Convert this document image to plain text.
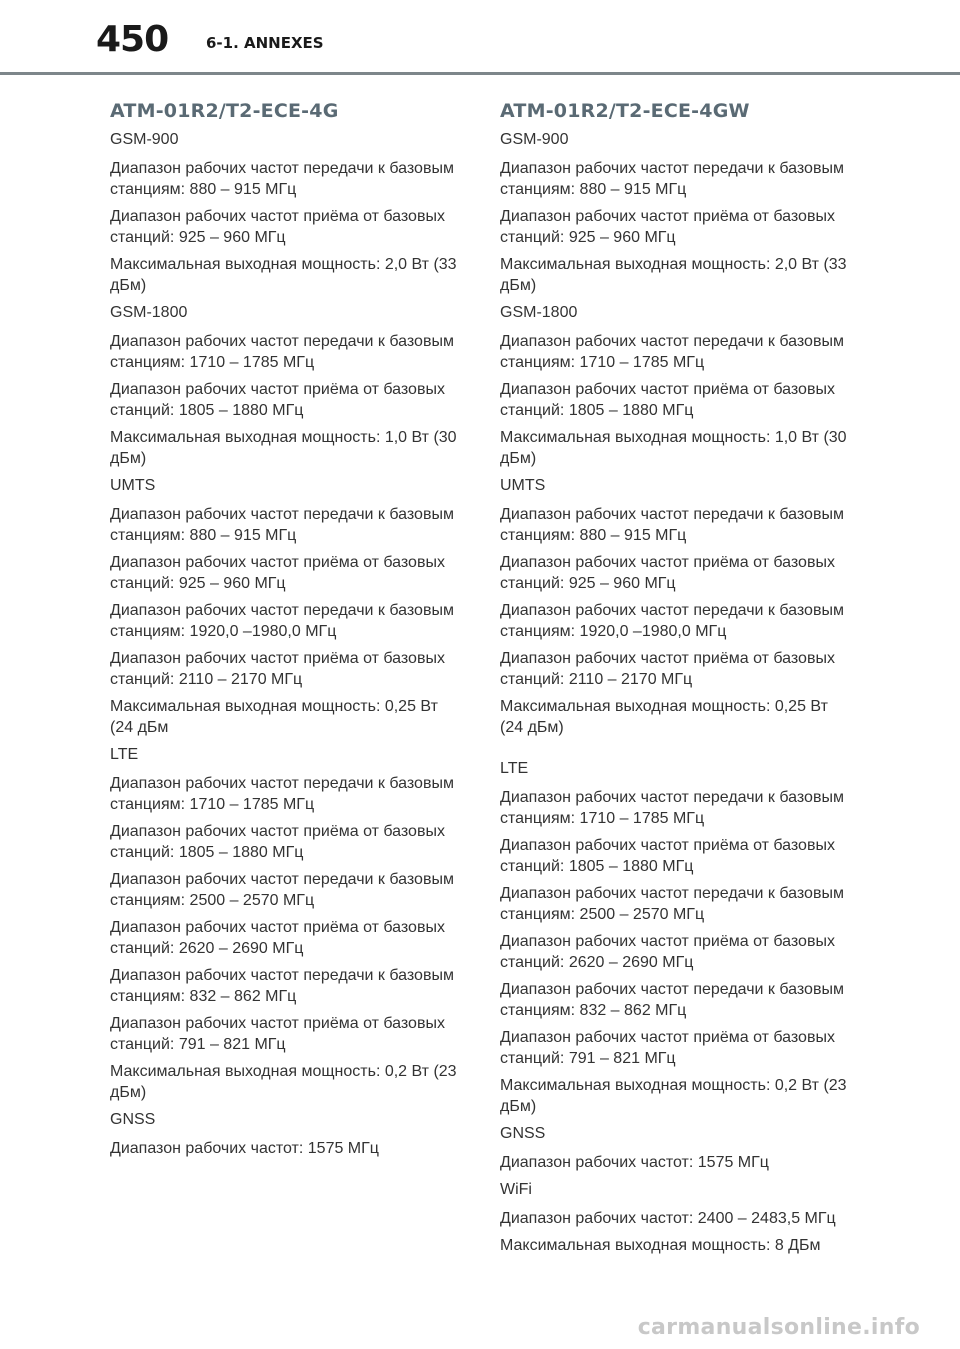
450	6-1. ANNEXES
ATM-01R2/T2-ECE-4G
GSM-900
Диапазон рабочих частот передачи к базовым
станциям: 880 – 915 МГц
Диапазон рабочих частот приёма от базовых
станций: 925 – 960 МГц
Максимальная выходная мощность: 2,0 Вт (33
дБм)
GSM-1800
Диапазон рабочих частот передачи к базовым
станциям: 1710 – 1785 МГц
Диапазон рабочих частот приёма от базовых
станций: 1805 – 1880 МГц
Максимальная выходная мощность: 1,0 Вт (30
дБм)
UMTS
Диапазон рабочих частот передачи к базовым
станциям: 880 – 915 МГц
Диапазон рабочих частот приёма от базовых
станций: 925 – 960 МГц
Диапазон рабочих частот передачи к базовым
станциям: 1920,0 –1980,0 МГц
Диапазон рабочих частот приёма от базовых
станций: 2110 – 2170 МГц
Максимальная выходная мощность: 0,25 Вт
(24 дБм
LTE
Диапазон рабочих частот передачи к базовым
станциям: 1710 – 1785 МГц
Диапазон рабочих частот приёма от базовых
станций: 1805 – 1880 МГц
Диапазон рабочих частот передачи к базовым
станциям: 2500 – 2570 МГц
Диапазон рабочих частот приёма от базовых
станций: 2620 – 2690 МГц
Диапазон рабочих частот передачи к базовым
станциям: 832 – 862 МГц
Диапазон рабочих частот приёма от базовых
станций: 791 – 821 МГц
Максимальная выходная мощность: 0,2 Вт (23
дБм)
GNSS
Диапазон рабочих частот: 1575 МГц
ATM-01R2/T2-ECE-4GW
GSM-900
Диапазон рабочих частот передачи к базовым
станциям: 880 – 915 МГц
Диапазон рабочих частот приёма от базовых
станций: 925 – 960 МГц
Максимальная выходная мощность: 2,0 Вт (33
дБм)
GSM-1800
Диапазон рабочих частот передачи к базовым
станциям: 1710 – 1785 МГц
Диапазон рабочих частот приёма от базовых
станций: 1805 – 1880 МГц
Максимальная выходная мощность: 1,0 Вт (30
дБм)
UMTS
Диапазон рабочих частот передачи к базовым
станциям: 880 – 915 МГц
Диапазон рабочих частот приёма от базовых
станций: 925 – 960 МГц
Диапазон рабочих частот передачи к базовым
станциям: 1920,0 –1980,0 МГц
Диапазон рабочих частот приёма от базовых
станций: 2110 – 2170 МГц
Максимальная выходная мощность: 0,25 Вт
(24 дБм)
LTE
Диапазон рабочих частот передачи к базовым
станциям: 1710 – 1785 МГц
Диапазон рабочих частот приёма от базовых
станций: 1805 – 1880 МГц
Диапазон рабочих частот передачи к базовым
станциям: 2500 – 2570 МГц
Диапазон рабочих частот приёма от базовых
станций: 2620 – 2690 МГц
Диапазон рабочих частот передачи к базовым
станциям: 832 – 862 МГц
Диапазон рабочих частот приёма от базовых
станций: 791 – 821 МГц
Максимальная выходная мощность: 0,2 Вт (23
дБм)
GNSS
Диапазон рабочих частот: 1575 МГц
WiFi
Диапазон рабочих частот: 2400 – 2483,5 МГц
Максимальная выходная мощность: 8 ДБм
carmanualsonline.info
